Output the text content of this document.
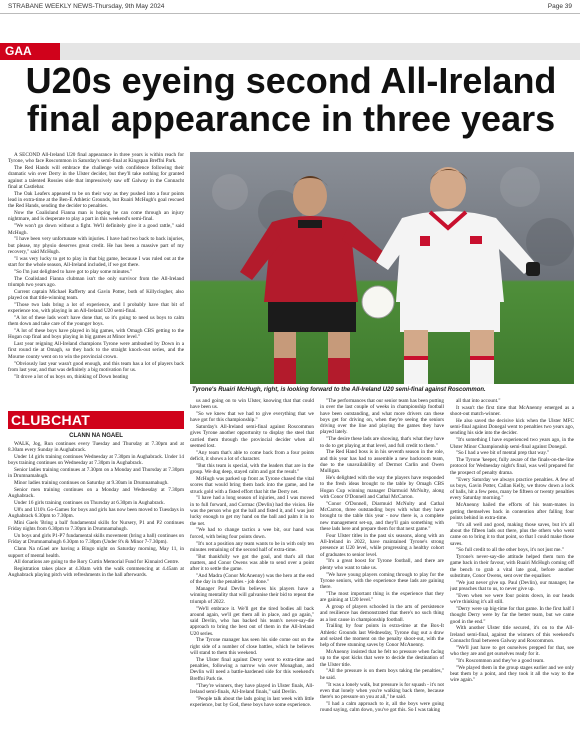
STRABANE WEEKLY NEWS-Thursday, 9th May 2024	Page 39
GAA
U20s eyeing second All-Ireland final appearance in three years

A SECOND All-Ireland U20 final appearance in three years is within reach for Tyrone, who face Roscommon in Saturday's semi-final at Kingspan Breffni Park.

The Red Hands will embrace the challenge with confidence following their dramatic win over Derry in the Ulster decider, but they'll take nothing for granted against a talented Rossies side that impressively saw off Galway in the Connacht final at Castlebar.

The Oak Leafers appeared to be on their way as they pushed into a four points lead in extra-time at the Ben-E Athletic Grounds, but Ruairi McHugh's goal rescued the Red Hands, sending the decider to penalties.

Now the Coalisland Fianna man is hoping he can come through an injury nightmare, and is desperate to play a part in this weekend's semi-final.

"We won't go down without a fight. We'll definitely give it a good rattle," said McHugh.

"I have been very unfortunate with injuries. I have had two back to back injuries, but please, my physio deserves great credit. He has been a massive part of my recovery," said McHugh.

"I was very lucky to get to play in that big game, because I was ruled out at the start for the whole season, All-Ireland included, if we got there.

"So I'm just delighted to have got to play some minutes."

The Coalisland Fianna clubman isn't the only survivor from the All-Ireland triumph two years ago.

Current captain Michael Rafferty and Gavin Potter, both of Killyclogher, also played on that title-winning team.

"Those two lads bring a lot of experience, and I probably have that bit of experience too, with playing in an All-Ireland U20 semi-final.

"A lot of these lads won't have done that, so it's going to need us boys to calm them down and take care of the younger boys.

"A lot of these boys have played in big games, with Omagh CBS getting to the Hogan cup final and boys playing in big games at Minor level."

Last year reigning All-Ireland champions Tyrone were ambushed by Down in a first round tie at Omagh, so they back to the straight knock-out series, and the Mourne county went on to win the provincial crown.

"Obviously last year wasn't good enough, and this team has a lot of players back from last year, and that was definitely a big motivation for us.

"It drove a lot of us boys on, thinking of Down beating

Tyrone's Ruairi McHugh, right, is looking forward to the All-Ireland U20 semi-final against Roscommon.

us and going on to win Ulster, knowing that that could have been us.

"So we knew that we had to give everything that we have got for this championship."

Saturday's All-Ireland semi-final against Roscommon gives Tyrone another opportunity to display the steel that carried them through the provincial decider when all seemed lost.

"Any team that's able to come back from a four points deficit, it shows a lot of character.

"But this team is special, with the leaders that are in the group. We dug deep, stayed calm and got the result."

McHugh was parked up front as Tyrone chased the vital scores that would bring them back into the game, and he struck gold with a fisted effort that hit the Derry net.

"I have had a long season of injuries, and I was moved in to full forward, and Cormac (Devlin) had the vision. He was the person who got the ball and fisted it, and I was just lucky enough to get my hand on the ball and palm it in to the net.

"We had to change tactics a wee bit, our hand was forced, with being four points down.

"It's not a position any team wants to be in with only ten minutes remaining of the second half of extra-time.

"But thankfully we got the goal, and that's all that matters, and Conor Owens was able to send over a point after it to settle the game.

"And Madra (Conor McAnenny) was the hero at the end of the day in the penalties - job done."

Manager Paul Devlin believes his players have a winning mentality that will galvanise their bid to repeat the triumph of 2022.

"We'll embrace it. We'll get the tired bodies all back around again, we'll get them all in place, and go again," said Devlin, who has backed his team's never-say-die approach to bring the best out of them in the All-Ireland U20 series.

The Tyrone manager has seen his side come out on the right side of a number of close battles, which he believes will stand to them this weekend.

The Ulster final against Derry went to extra-time and penalties, following a narrow win over Monaghan, and Devlin will need a battle-hardened side for this weekend's Breffni Park tie.

"They're winners, they have played in Ulster finals, All-Ireland semi-finals, All-Ireland finals," said Devlin.

"People talk about the lads going in last week with little experience, but by God, these boys have some experience.

"The performances that our senior team has been putting in over the last couple of weeks in championship football have been outstanding, and what more drivers can these boys get for driving on, when they're seeing the seniors driving over the line and playing the games they have played lately.

"The desire these lads are showing, that's what they have to do to get playing at that level, and full credit to them."

The Red Hand boss is in his seventh season in the role, and this year has had to assemble a new backroom team, due to the unavailability of Dermot Carlin and Owen Mulligan.

He's delighted with the way the players have responded to the fresh ideas brought to the table by Omagh CBS Hogan Cup winning manager Diarmuid McNulty, along with Conor O'Donnell and Cathal McCarron.

"Conor O'Donnell, Diarmuid McNulty and Cathal McCarron, three outstanding boys with what they have brought to the table this year - now there is, a complete new management set-up, and they'll gain something with these lads here and prepare them for that next game."

Four Ulster titles in the past six seasons, along with an All-Ireland in 2022, have maintained Tyrone's strong presence at U20 level, while progressing a healthy cohort of graduates to senior level.

"It's a great boost for Tyrone football, and there are plenty who want to take us.

"We have young players coming through to play for the Tyrone seniors, with the experience these lads are gaining there.

"The most important thing is the experience that they are gaining at U20 level."

A group of players schooled in the arts of persistence and resilience has demonstrated that there's no such thing as a lost cause in championship football.

Trailing by four points in extra-time at the Box-It Athletic Grounds last Wednesday, Tyrone dug out a draw and seized the moment on the penalty shoot-out, with the help of three stunning saves by Conor McAnenny.

McAnenny insisted that he felt no pressure when facing up to the spot kicks that were to decide the destination of the Ulster title.

"All the pressure is on them boys taking the penalties," he said.

"It was a lonely walk, but pressure is for squash - it's not even that lonely when you're walking back there, because there's no pressure on you at all," he said.

"I had a calm approach to it, all the boys were going round saying, calm down, you've got this. So I was taking

all that into account."

It wasn't the first time that McAnenny emerged as a shoot-out match-winner.

He also saved the decisive kick when the Ulster MFC semi-final against Donegal went to penalties two years ago, sending his side into the decider.

"It's something I have experienced two years ago, in the Ulster Minor Championship semi-final against Donegal.

"So I had a wee bit of mental prep that way."

The Tyrone 'keeper, fully aware of the finals-on-the-line protocol for Wednesday night's final, was well prepared for the prospect of penalty drama.

"Every Saturday we always practice penalties. A few of us boys, Gavin Potter, Callan Kelly, we throw down a lock of balls, hit a few pens, many be fifteen or twenty penalties every Saturday morning."

McAnenny hailed the efforts of his team-mates in getting themselves back in contention after falling four points behind in extra-time.

"It's all well and good, making those saves, but it's all about the fifteen lads out there, plus the others who went came on to bring it to that point, so that I could make those saves.

"So full credit to all the other boys, it's not just me."

Tyrone's never-say-die attitude helped them turn the game back in their favour, with Ruairi McHugh coming off the bench to grab a vital late goal, before another substitute, Conor Owens, sent over the equaliser.

"We just never give up. Paul (Devlin), our manager, he just preaches that to us, to never give up.

"Even when we were four points down, in our heads we're thinking it's all still.

"Derry were up big-time for that game. In the first half I thought Derry were by far the better team, but we came good in the end."

With another Ulster title secured, it's on to the All-Ireland semi-final, against the winners of this weekend's Connacht final between Galway and Roscommon.

"We'll just have to get ourselves prepped for that, see who they are and get ourselves ready for it.

"It's Roscommon and they've a good team.

"We played them in the group stages earlier and we only beat them by a point, and they took it all the way to the wire again."

CLUBCHAT
CLANN NA NGAEL

WALK, Jog, Run continues every Tuesday and Thursday at 7.30pm and at 8.30am every Sunday in Aughabrack.

Under 14 girls training continues Wednesday at 7.30pm in Aughabrack. Under 14 boys training continues on Wednesday at 7.30pm in Aughabrack.

Senior ladies training continues at 7.30pm on a Monday and Thursday at 7.30pm in Drumnamahugh.

Minor ladies training continues on Saturday at 9.30am in Drumnamahugh.

Senior men training continues on a Monday and Wednesday at 7.30pm Aughabrack.

Under 16 girls training continues on Thursday at 6.30pm in Aughabrack.

U8's and U10's Go-Games for boys and girls has now been moved to Tuesdays in Aughabrack 6.30pm to 7.30pm.

Mini Gaels 'Bring a ball' fundamental skills for Nursery, P1 and P2 continues Friday nights from 6.30pm to 7.30pm in Drumnamahugh.

Un boys and girls P1-P7 fundamental skills movement (bring a ball) continues on Friday at Drumnamahugh 6.30pm to 7.30pm (Under 8's & Minor 7-7.30pm).

Clann Na nGael are having a Bingo night on Saturday morning, May 11, in support of mental health.

All donations are going to the Rory Curtin Memorial Fund for Kinnaird Centre.

Registration takes place at 4.30am with the walk commencing at 4.45am at Aughabrack playing pitch with refreshments in the hall afterwards.
